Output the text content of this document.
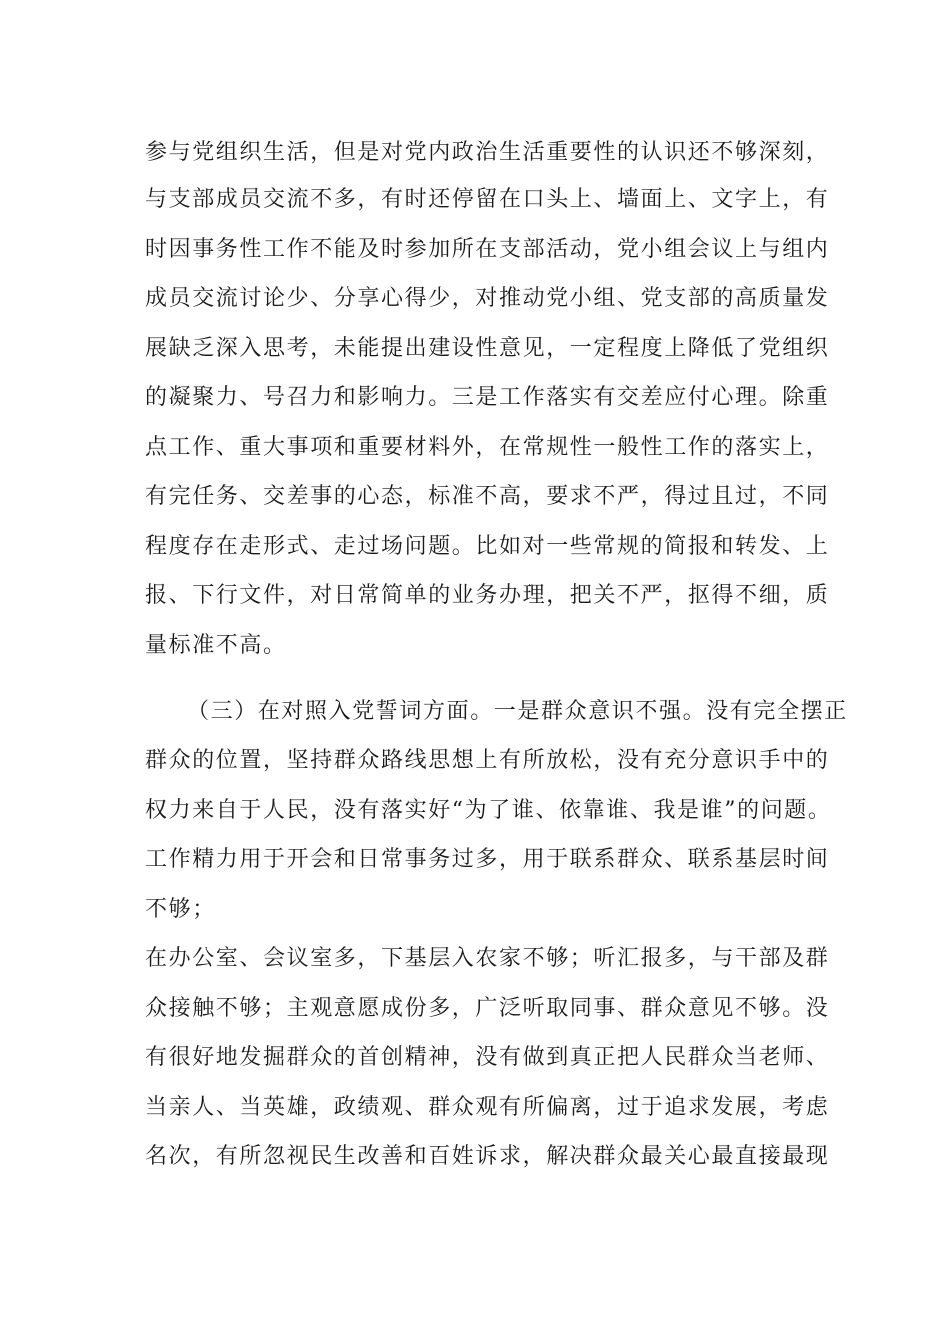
参与党组织生活，但是对党内政治生活重要性的认识还不够深刻，
与支部成员交流不多，有时还停留在口头上、墙面上、文字上，有
时因事务性工作不能及时参加所在支部活动，党小组会议上与组内
成员交流讨论少、分享心得少，对推动党小组、党支部的高质量发
展缺乏深入思考，未能提出建设性意见，一定程度上降低了党组织
的凝聚力、号召力和影响力。三是工作落实有交差应付心理。除重
点工作、重大事项和重要材料外，在常规性一般性工作的落实上，
有完任务、交差事的心态，标准不高，要求不严，得过且过，不同
程度存在走形式、走过场问题。比如对一些常规的简报和转发、上
报、下行文件，对日常简单的业务办理，把关不严，抠得不细，质
量标准不高。
（三）在对照入党誓词方面。一是群众意识不强。没有完全摆正
群众的位置，坚持群众路线思想上有所放松，没有充分意识手中的
权力来自于人民，没有落实好“为了谁、依靠谁、我是谁”的问题。
工作精力用于开会和日常事务过多，用于联系群众、联系基层时间
不够；
在办公室、会议室多，下基层入农家不够；听汇报多，与干部及群
众接触不够；主观意愿成份多，广泛听取同事、群众意见不够。没
有很好地发掘群众的首创精神，没有做到真正把人民群众当老师、
当亲人、当英雄，政绩观、群众观有所偏离，过于追求发展，考虑
名次，有所忽视民生改善和百姓诉求，解决群众最关心最直接最现
